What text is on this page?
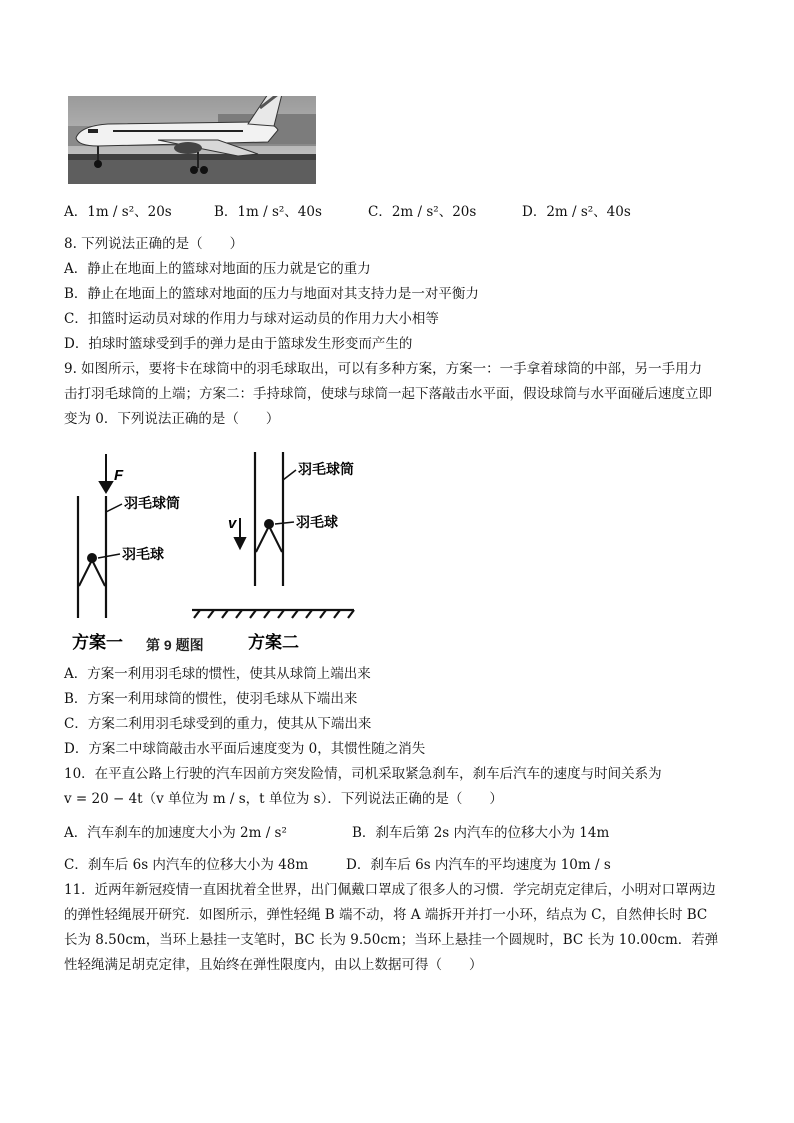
A．1m / s²、20s	B．1m / s²、40s	C．2m / s²、20s	D．2m / s²、40s
8. 下列说法正确的是（　　）
A．静止在地面上的篮球对地面的压力就是它的重力
B．静止在地面上的篮球对地面的压力与地面对其支持力是一对平衡力
C．扣篮时运动员对球的作用力与球对运动员的作用力大小相等
D．拍球时篮球受到手的弹力是由于篮球发生形变而产生的
9. 如图所示，要将卡在球筒中的羽毛球取出，可以有多种方案，方案一：一手拿着球筒的中部，另一手用力
击打羽毛球筒的上端；方案二：手持球筒，使球与球筒一起下落敲击水平面，假设球筒与水平面碰后速度立即
变为 0．下列说法正确的是（　　）
F
羽毛球筒
羽毛球
羽毛球筒
羽毛球
v
方案一 第 9 题图	方案二
A．方案一利用羽毛球的惯性，使其从球筒上端出来
B．方案一利用球筒的惯性，使羽毛球从下端出来
C．方案二利用羽毛球受到的重力，使其从下端出来
D．方案二中球筒敲击水平面后速度变为 0，其惯性随之消失
10．在平直公路上行驶的汽车因前方突发险情，司机采取紧急刹车，刹车后汽车的速度与时间关系为
v = 20 − 4t（v 单位为 m / s，t 单位为 s）．下列说法正确的是（　　）
A．汽车刹车的加速度大小为 2m / s²	B．刹车后第 2s 内汽车的位移大小为 14m
C．刹车后 6s 内汽车的位移大小为 48m	D．刹车后 6s 内汽车的平均速度为 10m / s
11．近两年新冠疫情一直困扰着全世界，出门佩戴口罩成了很多人的习惯．学完胡克定律后，小明对口罩两边
的弹性轻绳展开研究．如图所示，弹性轻绳 B 端不动，将 A 端拆开并打一小环，结点为 C，自然伸长时 BC
长为 8.50cm，当环上悬挂一支笔时，BC 长为 9.50cm；当环上悬挂一个圆规时，BC 长为 10.00cm．若弹
性轻绳满足胡克定律，且始终在弹性限度内，由以上数据可得（　　）
